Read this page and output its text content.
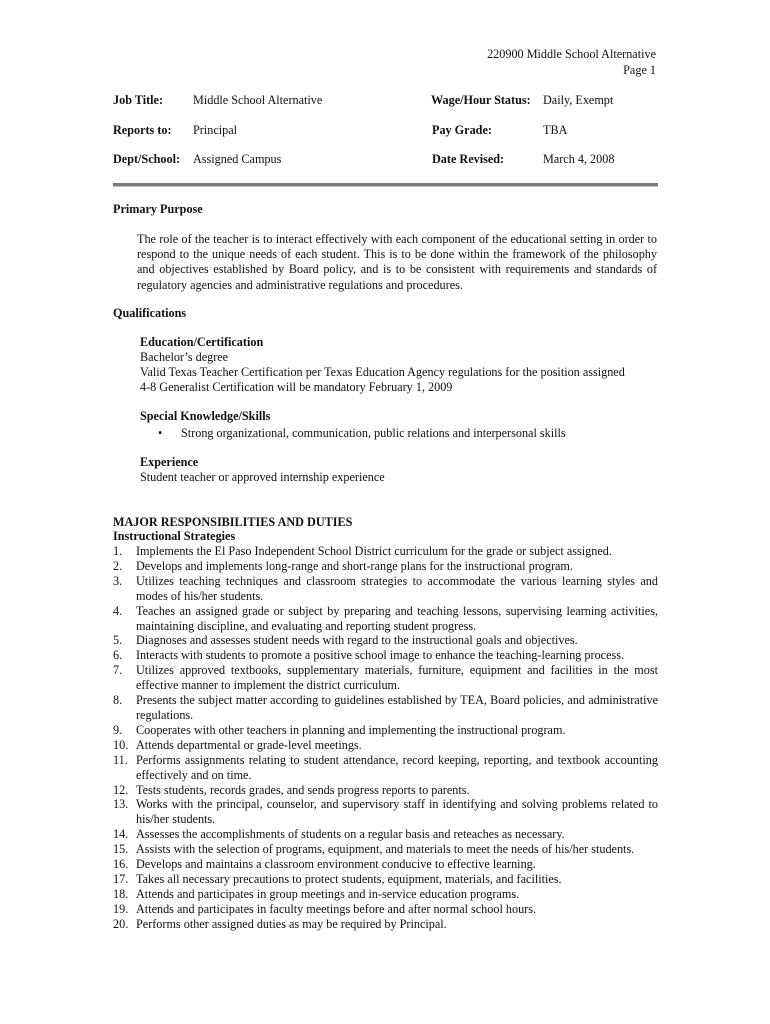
220900 Middle School Alternative
Page 1
Job Title: Middle School Alternative	Wage/Hour Status: Daily, Exempt
Reports to: Principal	Pay Grade:	TBA
Dept/School: Assigned Campus	Date Revised:	March 4, 2008
Primary Purpose
The role of the teacher is to interact effectively with each component of the educational setting in order to respond to the unique needs of each student. This is to be done within the framework of the philosophy and objectives established by Board policy, and is to be consistent with requirements and standards of regulatory agencies and administrative regulations and procedures.
Qualifications
Education/Certification
Bachelor’s degree
Valid Texas Teacher Certification per Texas Education Agency regulations for the position assigned
4-8 Generalist Certification will be mandatory February 1, 2009
Special Knowledge/Skills
• Strong organizational, communication, public relations and interpersonal skills
Experience
Student teacher or approved internship experience
MAJOR RESPONSIBILITIES AND DUTIES
Instructional Strategies
1. Implements the El Paso Independent School District curriculum for the grade or subject assigned.
2. Develops and implements long-range and short-range plans for the instructional program.
3. Utilizes teaching techniques and classroom strategies to accommodate the various learning styles and modes of his/her students.
4. Teaches an assigned grade or subject by preparing and teaching lessons, supervising learning activities, maintaining discipline, and evaluating and reporting student progress.
5. Diagnoses and assesses student needs with regard to the instructional goals and objectives.
6. Interacts with students to promote a positive school image to enhance the teaching-learning process.
7. Utilizes approved textbooks, supplementary materials, furniture, equipment and facilities in the most effective manner to implement the district curriculum.
8. Presents the subject matter according to guidelines established by TEA, Board policies, and administrative regulations.
9. Cooperates with other teachers in planning and implementing the instructional program.
10. Attends departmental or grade-level meetings.
11. Performs assignments relating to student attendance, record keeping, reporting, and textbook accounting effectively and on time.
12. Tests students, records grades, and sends progress reports to parents.
13. Works with the principal, counselor, and supervisory staff in identifying and solving problems related to his/her students.
14. Assesses the accomplishments of students on a regular basis and reteaches as necessary.
15. Assists with the selection of programs, equipment, and materials to meet the needs of his/her students.
16. Develops and maintains a classroom environment conducive to effective learning.
17. Takes all necessary precautions to protect students, equipment, materials, and facilities.
18. Attends and participates in group meetings and in-service education programs.
19. Attends and participates in faculty meetings before and after normal school hours.
20. Performs other assigned duties as may be required by Principal.
